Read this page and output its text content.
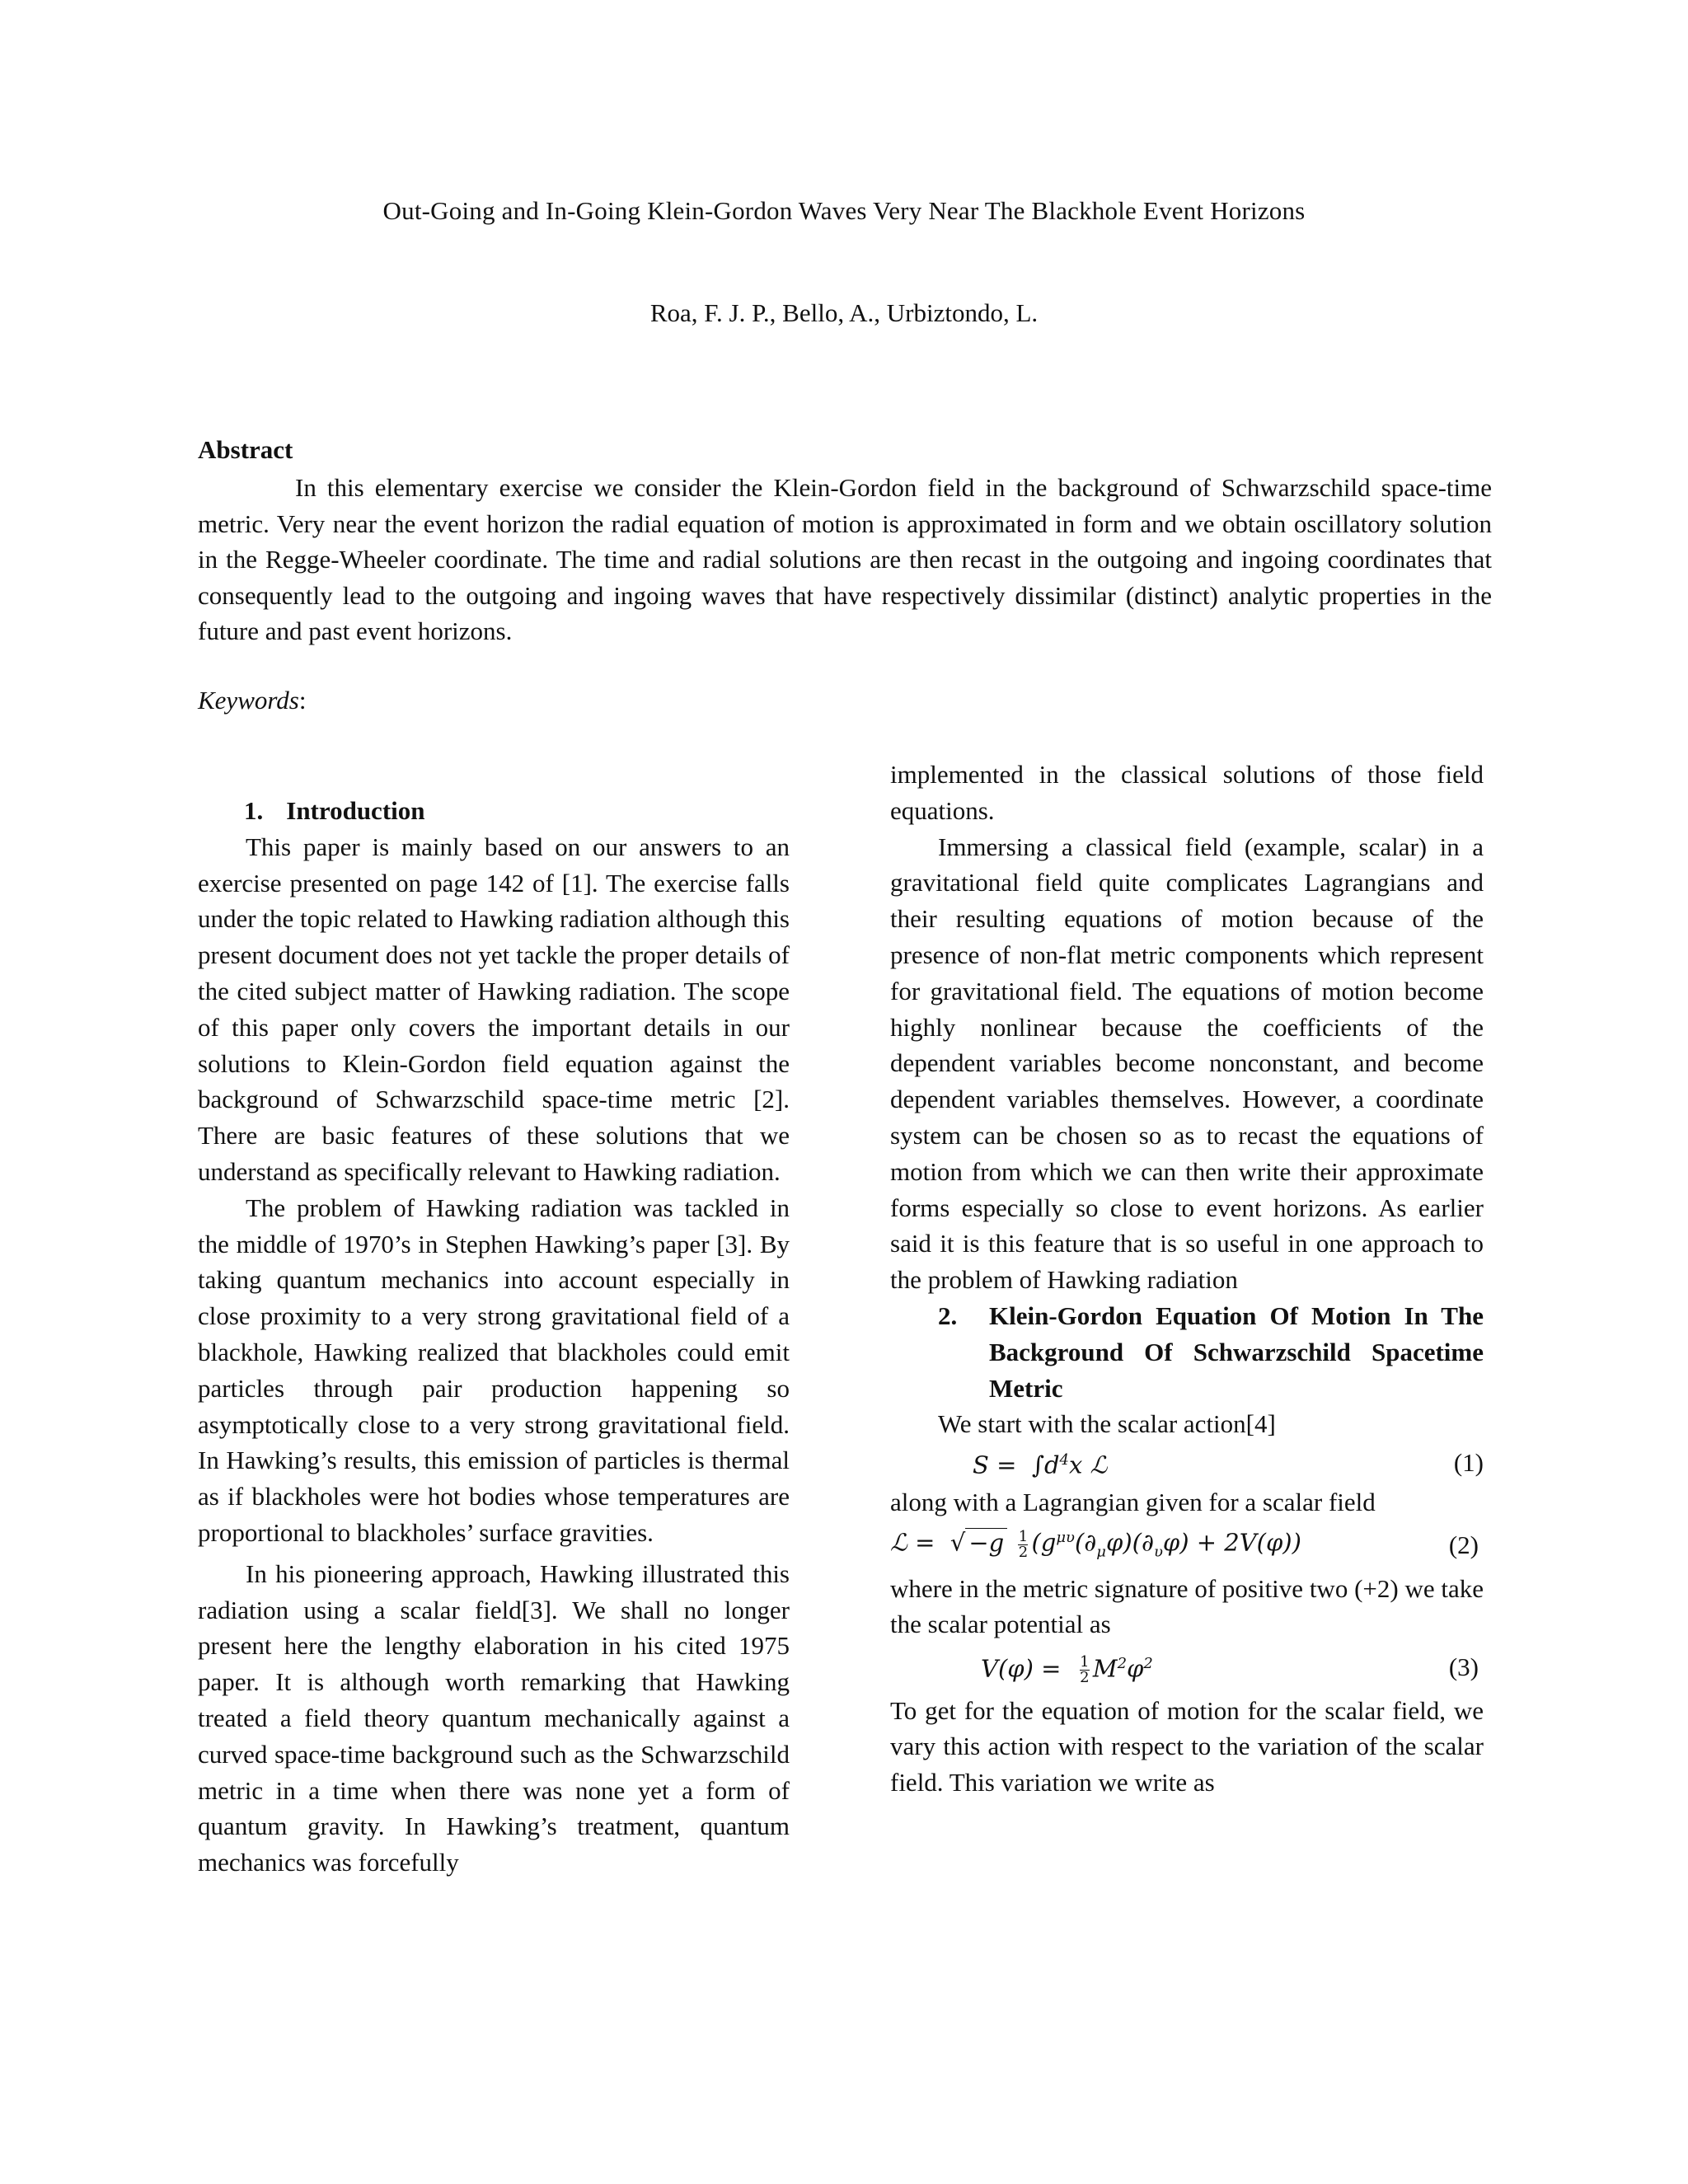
Out-Going and In-Going Klein-Gordon Waves Very Near The Blackhole Event Horizons
Roa, F. J. P., Bello, A., Urbiztondo, L.
Abstract

In this elementary exercise we consider the Klein-Gordon field in the background of Schwarzschild space-time metric. Very near the event horizon the radial equation of motion is approximated in form and we obtain oscillatory solution in the Regge-Wheeler coordinate. The time and radial solutions are then recast in the outgoing and ingoing coordinates that consequently lead to the outgoing and ingoing waves that have respectively dissimilar (distinct) analytic properties in the future and past event horizons.

Keywords:
1. Introduction

This paper is mainly based on our answers to an exercise presented on page 142 of [1]. The exercise falls under the topic related to Hawking radiation although this present document does not yet tackle the proper details of the cited subject matter of Hawking radiation. The scope of this paper only covers the important details in our solutions to Klein-Gordon field equation against the background of Schwarzschild space-time metric [2]. There are basic features of these solutions that we understand as specifically relevant to Hawking radiation.

The problem of Hawking radiation was tackled in the middle of 1970’s in Stephen Hawking’s paper [3]. By taking quantum mechanics into account especially in close proximity to a very strong gravitational field of a blackhole, Hawking realized that blackholes could emit particles through pair production happening so asymptotically close to a very strong gravitational field. In Hawking’s results, this emission of particles is thermal as if blackholes were hot bodies whose temperatures are proportional to blackholes’ surface gravities.

In his pioneering approach, Hawking illustrated this radiation using a scalar field[3]. We shall no longer present here the lengthy elaboration in his cited 1975 paper. It is although worth remarking that Hawking treated a field theory quantum mechanically against a curved space-time background such as the Schwarzschild metric in a time when there was none yet a form of quantum gravity. In Hawking’s treatment, quantum mechanics was forcefully

implemented in the classical solutions of those field equations.

Immersing a classical field (example, scalar) in a gravitational field quite complicates Lagrangians and their resulting equations of motion because of the presence of non-flat metric components which represent for gravitational field. The equations of motion become highly nonlinear because the coefficients of the dependent variables become nonconstant, and become dependent variables themselves. However, a coordinate system can be chosen so as to recast the equations of motion from which we can then write their approximate forms especially so close to event horizons. As earlier said it is this feature that is so useful in one approach to the problem of Hawking radiation

2.	Klein-Gordon Equation Of Motion In The Background Of Schwarzschild Spacetime Metric

We start with the scalar action[4]

$S = \int d^4x$ ℒ	(1)

along with a Lagrangian given for a scalar field

ℒ =  √ $-g \frac{1}{2} (g^{\mu\upsilon}(\partial_\mu\varphi)(\partial_\upsilon\varphi) + 2V(\varphi))$	(2)

where in the metric signature of positive two (+2) we take the scalar potential as

$V(\varphi) = \frac{1}{2} M^2\varphi^2$	(3)

To get for the equation of motion for the scalar field, we vary this action with respect to the variation of the scalar field. This variation we write as
